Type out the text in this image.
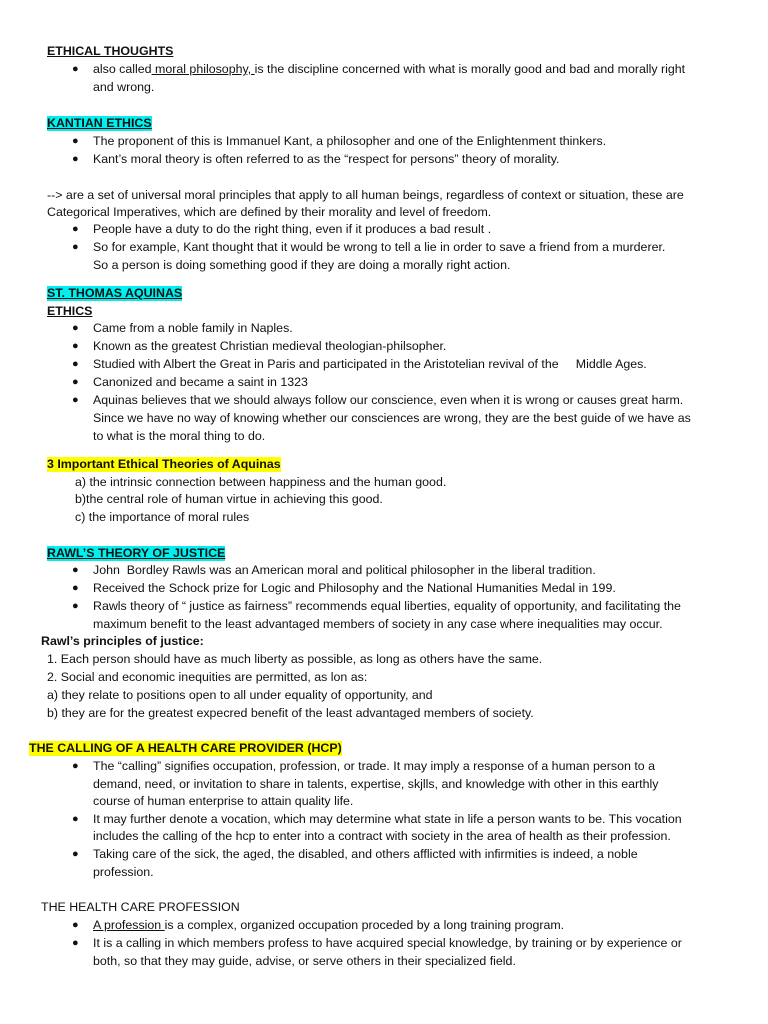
ETHICAL THOUGHTS
● also called moral philosophy, is the discipline concerned with what is morally good and bad and morally right
and wrong.
KANTIAN ETHICS
● The proponent of this is Immanuel Kant, a philosopher and one of the Enlightenment thinkers.
● Kant’s moral theory is often referred to as the “respect for persons” theory of morality.
--> are a set of universal moral principles that apply to all human beings, regardless of context or situation, these are
Categorical Imperatives, which are defined by their morality and level of freedom.
● People have a duty to do the right thing, even if it produces a bad result .
● So for example, Kant thought that it would be wrong to tell a lie in order to save a friend from a murderer.
So a person is doing something good if they are doing a morally right action.
ST. THOMAS AQUINAS
ETHICS
● Came from a noble family in Naples.
● Known as the greatest Christian medieval theologian-philsopher.
● Studied with Albert the Great in Paris and participated in the Aristotelian revival of the     Middle Ages.
● Canonized and became a saint in 1323
● Aquinas believes that we should always follow our conscience, even when it is wrong or causes great harm.
Since we have no way of knowing whether our consciences are wrong, they are the best guide of we have as
to what is the moral thing to do.
3 Important Ethical Theories of Aquinas
a) the intrinsic connection between happiness and the human good.
b)the central role of human virtue in achieving this good.
c) the importance of moral rules
RAWL’S THEORY OF JUSTICE
● John  Bordley Rawls was an American moral and political philosopher in the liberal tradition.
● Received the Schock prize for Logic and Philosophy and the National Humanities Medal in 199.
● Rawls theory of “ justice as fairness” recommends equal liberties, equality of opportunity, and facilitating the
maximum benefit to the least advantaged members of society in any case where inequalities may occur.
Rawl’s principles of justice:
1. Each person should have as much liberty as possible, as long as others have the same.
2. Social and economic inequities are permitted, as lon as:
a) they relate to positions open to all under equality of opportunity, and
b) they are for the greatest expecred benefit of the least advantaged members of society.
THE CALLING OF A HEALTH CARE PROVIDER (HCP)
● The “calling” signifies occupation, profession, or trade. It may imply a response of a human person to a
demand, need, or invitation to share in talents, expertise, skjlls, and knowledge with other in this earthly
course of human enterprise to attain quality life.
● It may further denote a vocation, which may determine what state in life a person wants to be. This vocation
includes the calling of the hcp to enter into a contract with society in the area of health as their profession.
● Taking care of the sick, the aged, the disabled, and others afflicted with infirmities is indeed, a noble
profession.
THE HEALTH CARE PROFESSION
● A profession is a complex, organized occupation proceded by a long training program.
● It is a calling in which members profess to have acquired special knowledge, by training or by experience or
both, so that they may guide, advise, or serve others in their specialized field.
